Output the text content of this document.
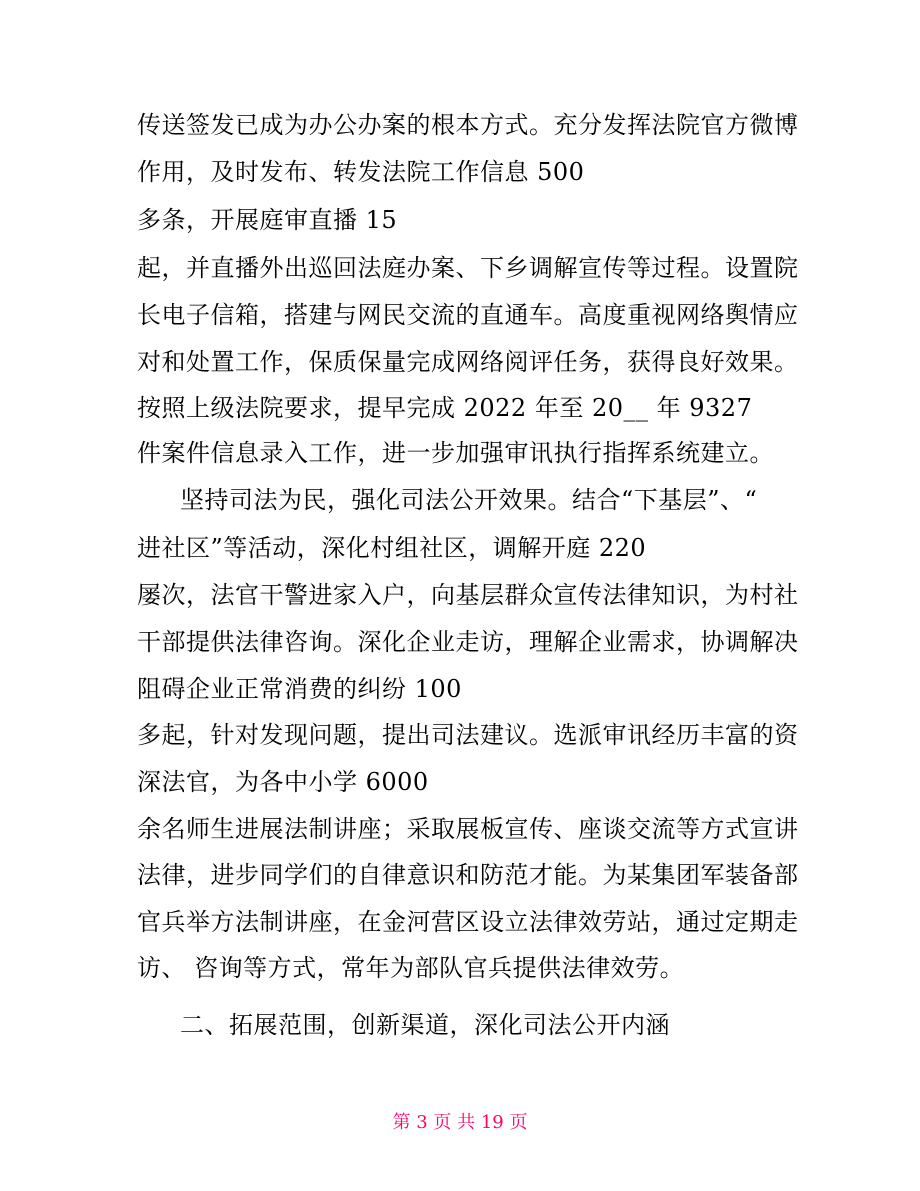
传送签发已成为办公办案的根本方式。充分发挥法院官方微博
作用，及时发布、转发法院工作信息 500
多条，开展庭审直播 15
起，并直播外出巡回法庭办案、下乡调解宣传等过程。设置院
长电子信箱，搭建与网民交流的直通车。高度重视网络舆情应
对和处置工作，保质保量完成网络阅评任务，获得良好效果。
按照上级法院要求，提早完成 2022 年至 20__ 年 9327
件案件信息录入工作，进一步加强审讯执行指挥系统建立。
坚持司法为民，强化司法公开效果。结合“下基层”、“
进社区”等活动，深化村组社区，调解开庭 220
屡次，法官干警进家入户，向基层群众宣传法律知识，为村社
干部提供法律咨询。深化企业走访，理解企业需求，协调解决
阻碍企业正常消费的纠纷 100
多起，针对发现问题，提出司法建议。选派审讯经历丰富的资
深法官，为各中小学 6000
余名师生进展法制讲座；采取展板宣传、座谈交流等方式宣讲
法律，进步同学们的自律意识和防范才能。为某集团军装备部
官兵举方法制讲座，在金河营区设立法律效劳站，通过定期走
访、 咨询等方式，常年为部队官兵提供法律效劳。
二、拓展范围，创新渠道，深化司法公开内涵
第 3 页 共 19 页
